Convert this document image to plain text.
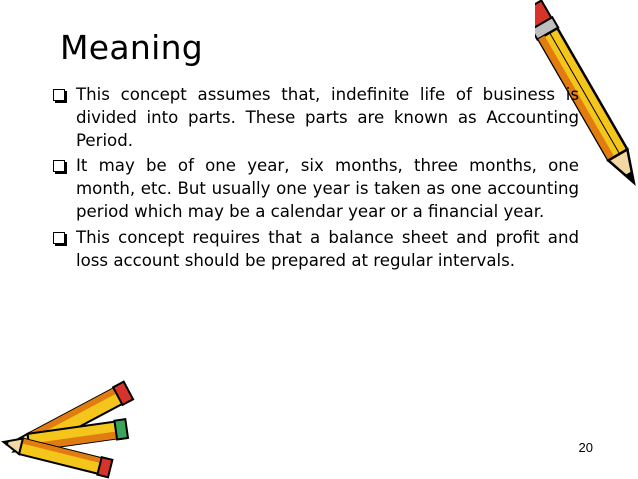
Meaning
This concept assumes that, indefinite life of business is divided into parts. These parts are known as Accounting Period.
It may be of one year, six months, three months, one month, etc. But usually one year is taken as one accounting period which may be a calendar year or a financial year.
This concept requires that a balance sheet and profit and loss account should be prepared at regular intervals.
20
